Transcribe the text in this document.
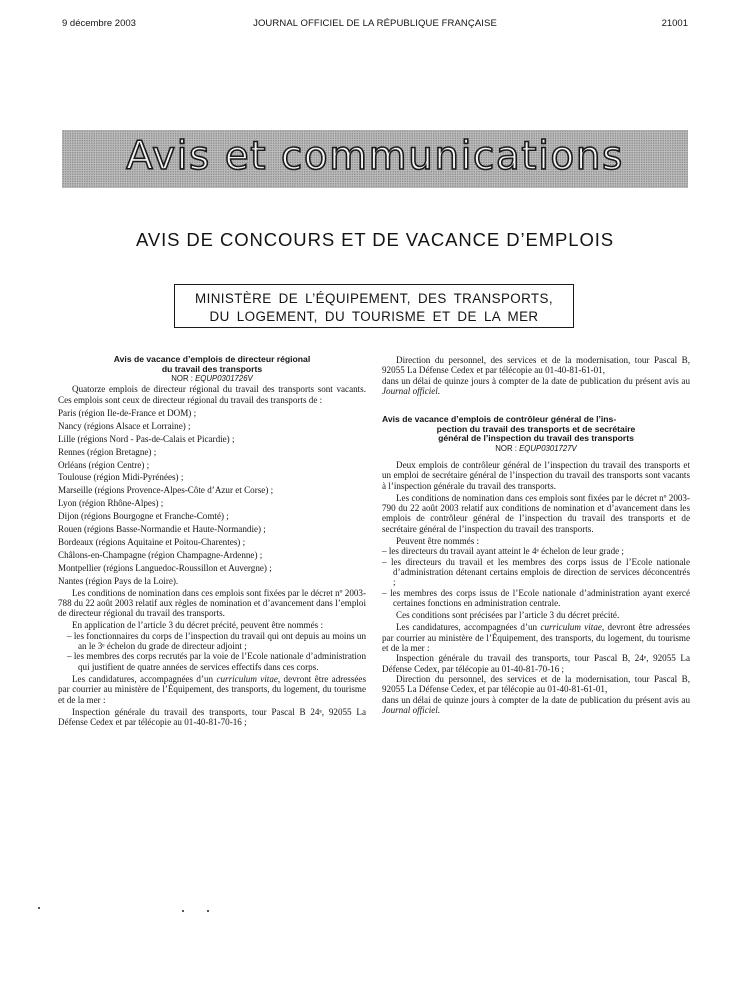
9 décembre 2003	JOURNAL OFFICIEL DE LA RÉPUBLIQUE FRANÇAISE	21001
Avis et communications
AVIS DE CONCOURS ET DE VACANCE D’EMPLOIS
MINISTÈRE DE L’ÉQUIPEMENT, DES TRANSPORTS,
DU LOGEMENT, DU TOURISME ET DE LA MER

Avis de vacance d’emplois de directeur régional

du travail des transports

NOR : EQUP0301726V

Quatorze emplois de directeur régional du travail des transports sont vacants. Ces emplois sont ceux de directeur régional du travail des transports de :

Paris (région Ile-de-France et DOM) ;

Nancy (régions Alsace et Lorraine) ;

Lille (régions Nord - Pas-de-Calais et Picardie) ;

Rennes (région Bretagne) ;

Orléans (région Centre) ;

Toulouse (région Midi-Pyrénées) ;

Marseille (régions Provence-Alpes-Côte d’Azur et Corse) ;

Lyon (région Rhône-Alpes) ;

Dijon (régions Bourgogne et Franche-Comté) ;

Rouen (régions Basse-Normandie et Haute-Normandie) ;

Bordeaux (régions Aquitaine et Poitou-Charentes) ;

Châlons-en-Champagne (région Champagne-Ardenne) ;

Montpellier (régions Languedoc-Roussillon et Auvergne) ;

Nantes (région Pays de la Loire).

Les conditions de nomination dans ces emplois sont fixées par le décret nº 2003-788 du 22 août 2003 relatif aux règles de nomination et d’avancement dans l’emploi de directeur régional du travail des transports.

En application de l’article 3 du décret précité, peuvent être nommés :

– les fonctionnaires du corps de l’inspection du travail qui ont depuis au moins un an le 3ᵉ échelon du grade de directeur adjoint ;

– les membres des corps recrutés par la voie de l’Ecole nationale d’administration qui justifient de quatre années de services effectifs dans ces corps.

Les candidatures, accompagnées d’un curriculum vitae, devront être adressées par courrier au ministère de l’Équipement, des transports, du logement, du tourisme et de la mer :

Inspection générale du travail des transports, tour Pascal B 24ᵉ, 92055 La Défense Cedex et par télécopie au 01-40-81-70-16 ;

Direction du personnel, des services et de la modernisation, tour Pascal B, 92055 La Défense Cedex et par télécopie au 01-40-81-61-01,

dans un délai de quinze jours à compter de la date de publication du présent avis au Journal officiel.

Avis de vacance d’emplois de contrôleur général de l’ins-

pection du travail des transports et de secrétaire

général de l’inspection du travail des transports

NOR : EQUP0301727V

Deux emplois de contrôleur général de l’inspection du travail des transports et un emploi de secrétaire général de l’inspection du travail des transports sont vacants à l’inspection générale du travail des transports.

Les conditions de nomination dans ces emplois sont fixées par le décret nº 2003-790 du 22 août 2003 relatif aux conditions de nomination et d’avancement dans les emplois de contrôleur général de l’inspection du travail des transports et de secrétaire général de l’inspection du travail des transports.

Peuvent être nommés :

– les directeurs du travail ayant atteint le 4ᵉ échelon de leur grade ;

– les directeurs du travail et les membres des corps issus de l’Ecole nationale d’administration détenant certains emplois de direction de services déconcentrés ;

– les membres des corps issus de l’Ecole nationale d’administration ayant exercé certaines fonctions en administration centrale.

Ces conditions sont précisées par l’article 3 du décret précité.

Les candidatures, accompagnées d’un curriculum vitae, devront être adressées par courrier au ministère de l’Équipement, des transports, du logement, du tourisme et de la mer :

Inspection générale du travail des transports, tour Pascal B, 24ᵉ, 92055 La Défense Cedex, par télécopie au 01-40-81-70-16 ;

Direction du personnel, des services et de la modernisation, tour Pascal B, 92055 La Défense Cedex, et par télécopie au 01-40-81-61-01,

dans un délai de quinze jours à compter de la date de publication du présent avis au Journal officiel.
